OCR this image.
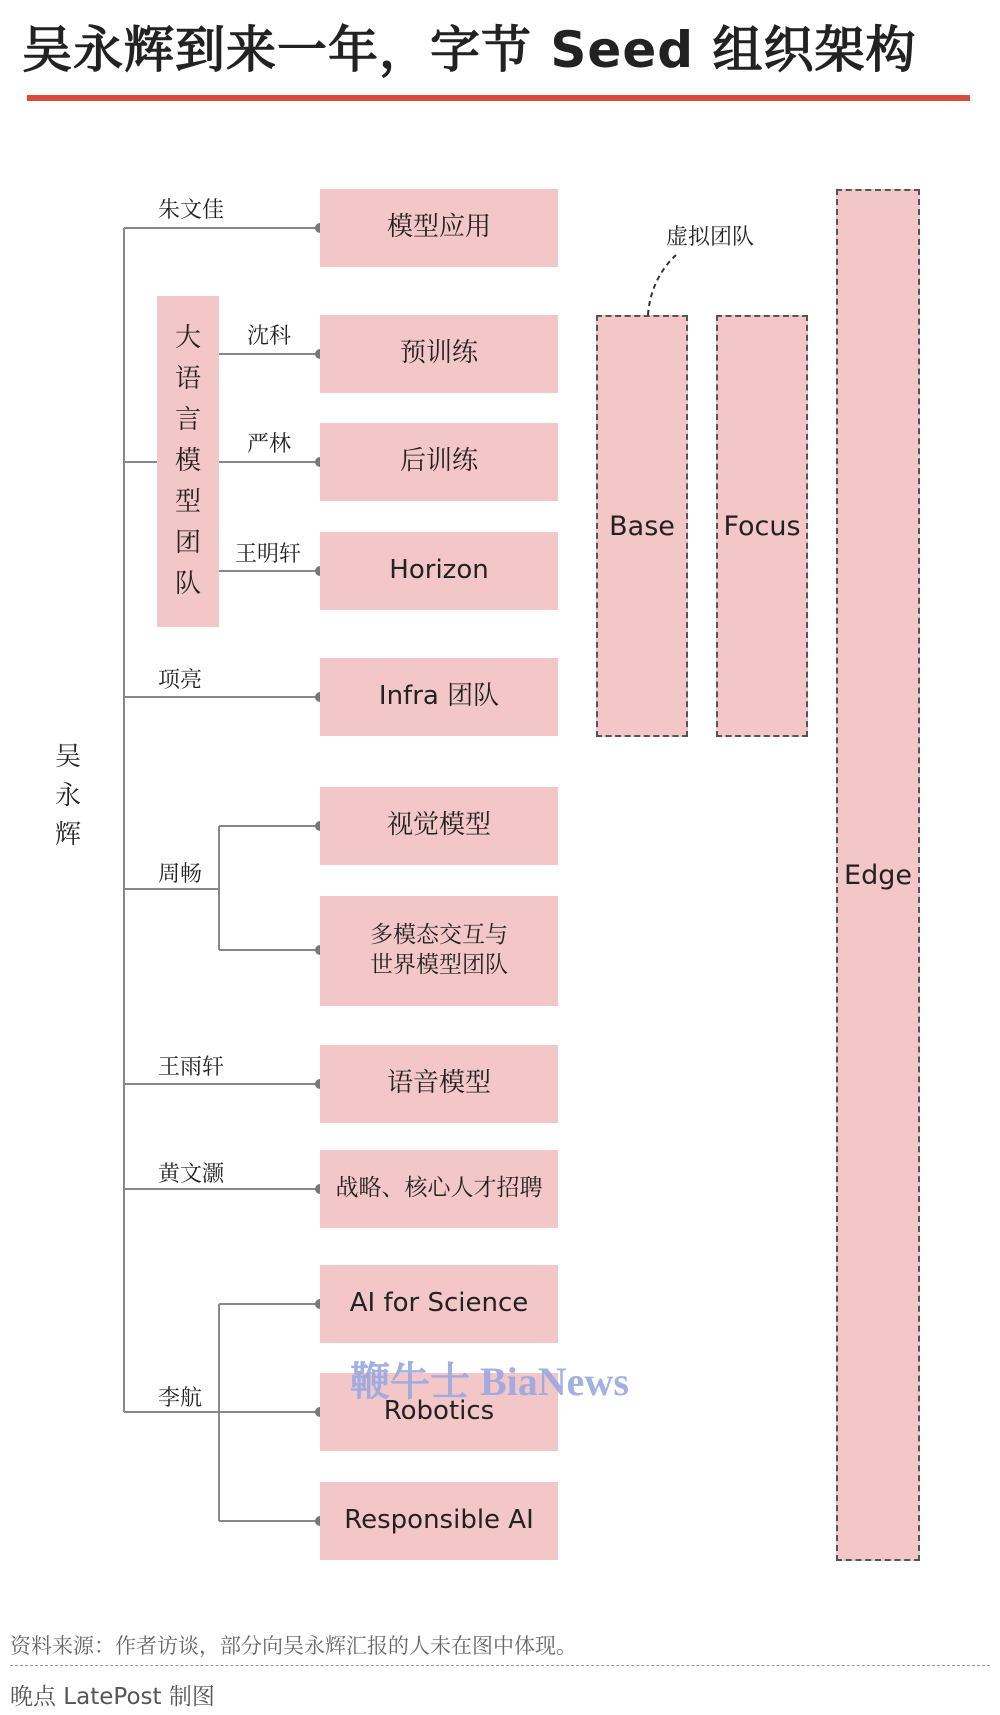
吴永辉到来一年，字节 Seed 组织架构
吴
永
辉
朱文佳
沈科
严林
王明轩
项亮
周畅
王雨轩
黄文灏
李航
大
语
言
模
型
团
队
模型应用
预训练
后训练
Horizon
Infra 团队
视觉模型
多模态交互与
世界模型团队
语音模型
战略、核心人才招聘
AI for Science
Robotics
Responsible AI
虚拟团队
Base	Focus
Edge
鞭牛士 BiaNews
资料来源：作者访谈，部分向吴永辉汇报的人未在图中体现。
晚点 LatePost 制图
